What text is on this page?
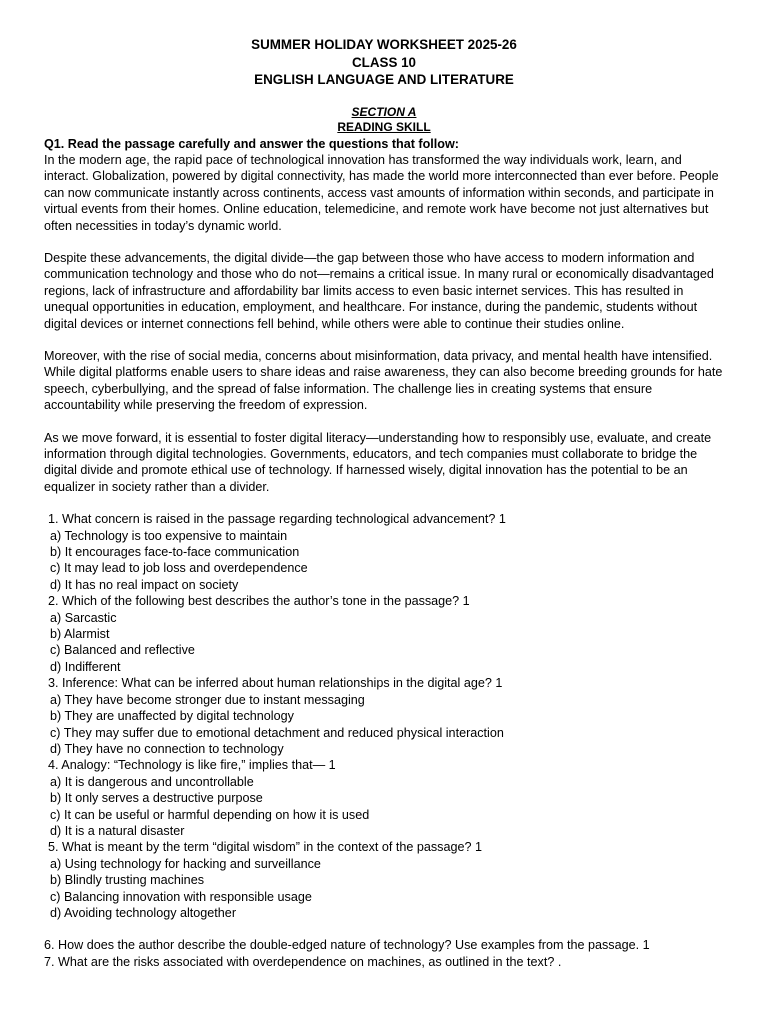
SUMMER HOLIDAY WORKSHEET 2025-26
CLASS 10
ENGLISH LANGUAGE AND LITERATURE
SECTION A
READING SKILL
Q1. Read the passage carefully and answer the questions that follow:

In the modern age, the rapid pace of technological innovation has transformed the way individuals work, learn, and interact. Globalization, powered by digital connectivity, has made the world more interconnected than ever before. People can now communicate instantly across continents, access vast amounts of information within seconds, and participate in virtual events from their homes. Online education, telemedicine, and remote work have become not just alternatives but often necessities in today’s dynamic world.

Despite these advancements, the digital divide—the gap between those who have access to modern information and communication technology and those who do not—remains a critical issue. In many rural or economically disadvantaged regions, lack of infrastructure and affordability bar limits access to even basic internet services. This has resulted in unequal opportunities in education, employment, and healthcare. For instance, during the pandemic, students without digital devices or internet connections fell behind, while others were able to continue their studies online.

Moreover, with the rise of social media, concerns about misinformation, data privacy, and mental health have intensified. While digital platforms enable users to share ideas and raise awareness, they can also become breeding grounds for hate speech, cyberbullying, and the spread of false information. The challenge lies in creating systems that ensure accountability while preserving the freedom of expression.

As we move forward, it is essential to foster digital literacy—understanding how to responsibly use, evaluate, and create information through digital technologies. Governments, educators, and tech companies must collaborate to bridge the digital divide and promote ethical use of technology. If harnessed wisely, digital innovation has the potential to be an equalizer in society rather than a divider.

1. What concern is raised in the passage regarding technological advancement? 1
a) Technology is too expensive to maintain
b) It encourages face-to-face communication
c) It may lead to job loss and overdependence
d) It has no real impact on society
2. Which of the following best describes the author’s tone in the passage? 1
a) Sarcastic
b) Alarmist
c) Balanced and reflective
d) Indifferent
3. Inference: What can be inferred about human relationships in the digital age? 1
a) They have become stronger due to instant messaging
b) They are unaffected by digital technology
c) They may suffer due to emotional detachment and reduced physical interaction
d) They have no connection to technology
4. Analogy: “Technology is like fire,” implies that— 1
a) It is dangerous and uncontrollable
b) It only serves a destructive purpose
c) It can be useful or harmful depending on how it is used
d) It is a natural disaster
5. What is meant by the term “digital wisdom” in the context of the passage? 1
a) Using technology for hacking and surveillance
b) Blindly trusting machines
c) Balancing innovation with responsible usage
d) Avoiding technology altogether
6. How does the author describe the double-edged nature of technology? Use examples from the passage. 1
7. What are the risks associated with overdependence on machines, as outlined in the text? .
